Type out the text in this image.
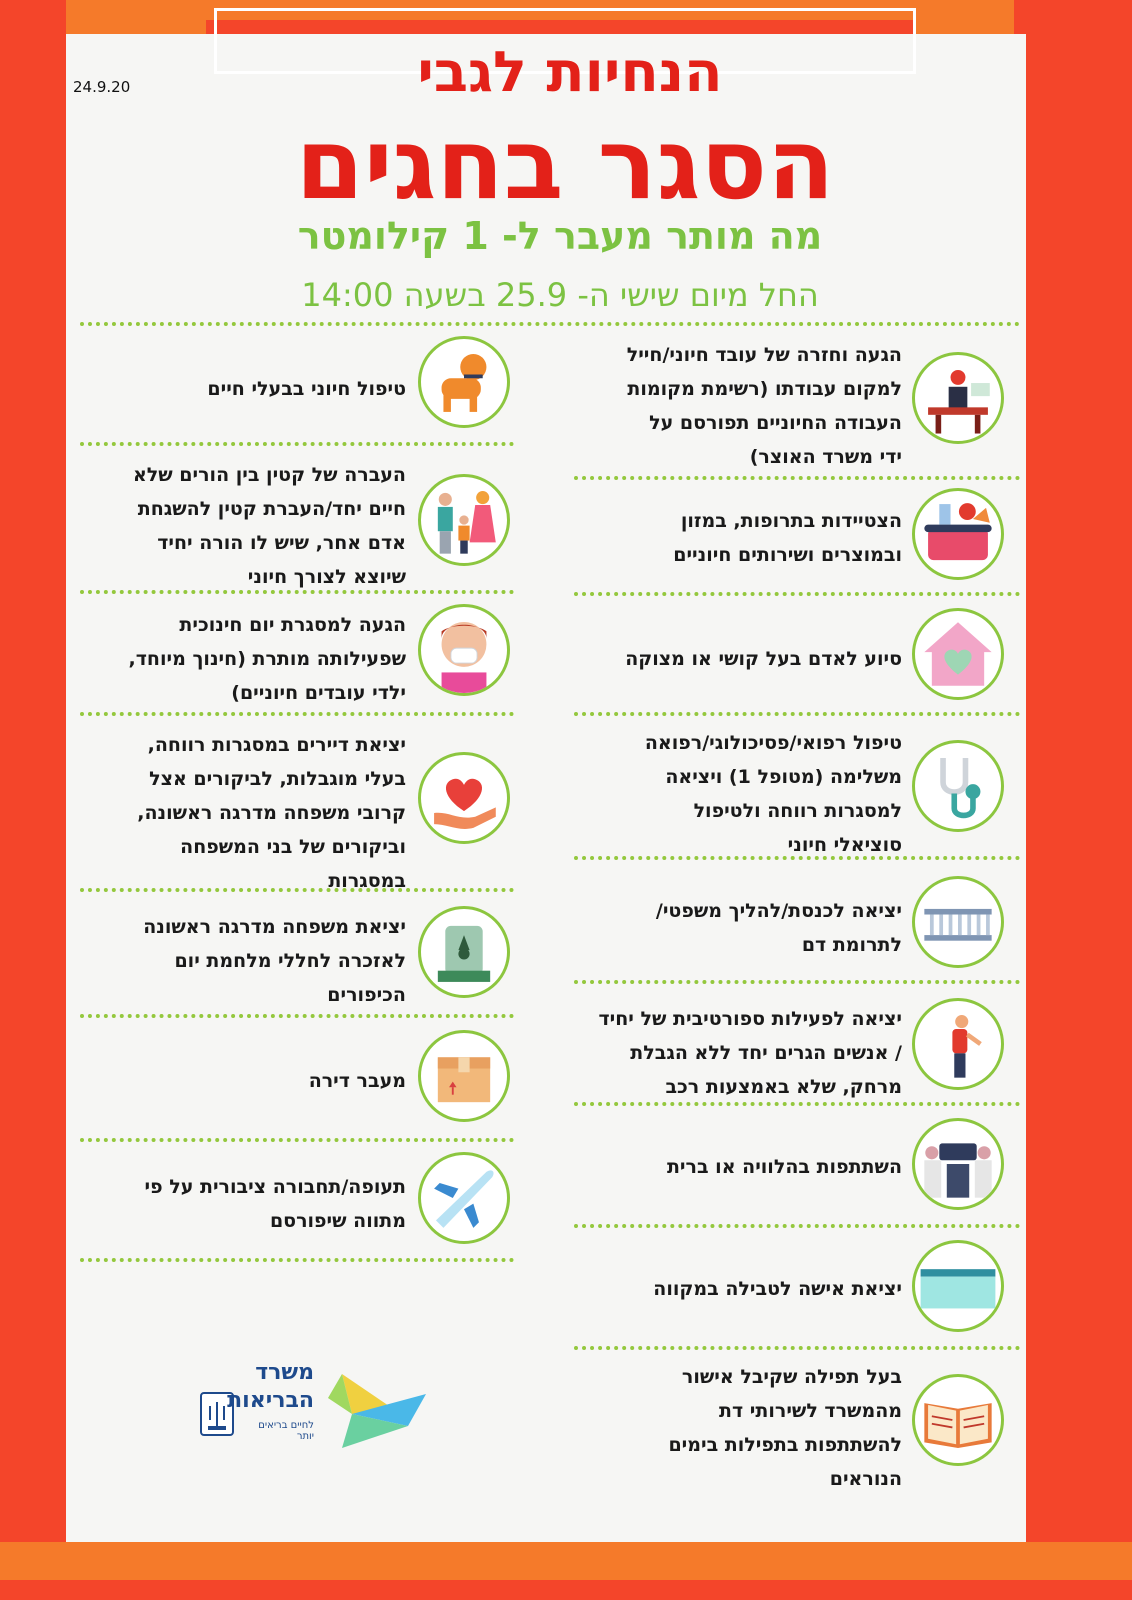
24.9.20	הנחיות לגבי
הסגר בחגים
מה מותר מעבר ל- 1 קילומטר
החל מיום שישי ה- 25.9 בשעה 14:00
הגעה וחזרה של עובד חיוני/חייל
למקום עבודתו (רשימת מקומות
העבודה החיוניים תפורסם על
ידי משרד האוצר)
הצטיידות בתרופות, במזון
ובמוצרים ושירותים חיוניים
סיוע לאדם בעל קושי או מצוקה
טיפול רפואי/פסיכולוגי/רפואה
משלימה (מטופל 1) ויציאה
למסגרות רווחה ולטיפול
סוציאלי חיוני
יציאה לכנסת/להליך משפטי/
לתרומת דם
יציאה לפעילות ספורטיבית של יחיד
/ אנשים הגרים יחד ללא הגבלת
מרחק, שלא באמצעות רכב
השתתפות בהלוויה או ברית
יציאת אישה לטבילה במקווה
בעל תפילה שקיבל אישור
מהמשרד לשירותי דת
להשתתפות בתפילות בימים
הנוראים
טיפול חיוני בבעלי חיים
העברה של קטין בין הורים שלא
חיים יחד/העברת קטין להשגחת
אדם אחר, שיש לו הורה יחיד
שיוצא לצורך חיוני
הגעה למסגרת יום חינוכית
שפעילותה מותרת (חינוך מיוחד,
ילדי עובדים חיוניים)
יציאת דיירים במסגרות רווחה,
בעלי מוגבלות, לביקורים אצל
קרובי משפחה מדרגה ראשונה,
וביקורים של בני המשפחה
במסגרות
יציאת משפחה מדרגה ראשונה
לאזכרה לחללי מלחמת יום
הכיפורים
מעבר דירה
תעופה/תחבורה ציבורית על פי
מתווה שיפורסם
משרד
הבריאות
לחיים בריאים יותר
